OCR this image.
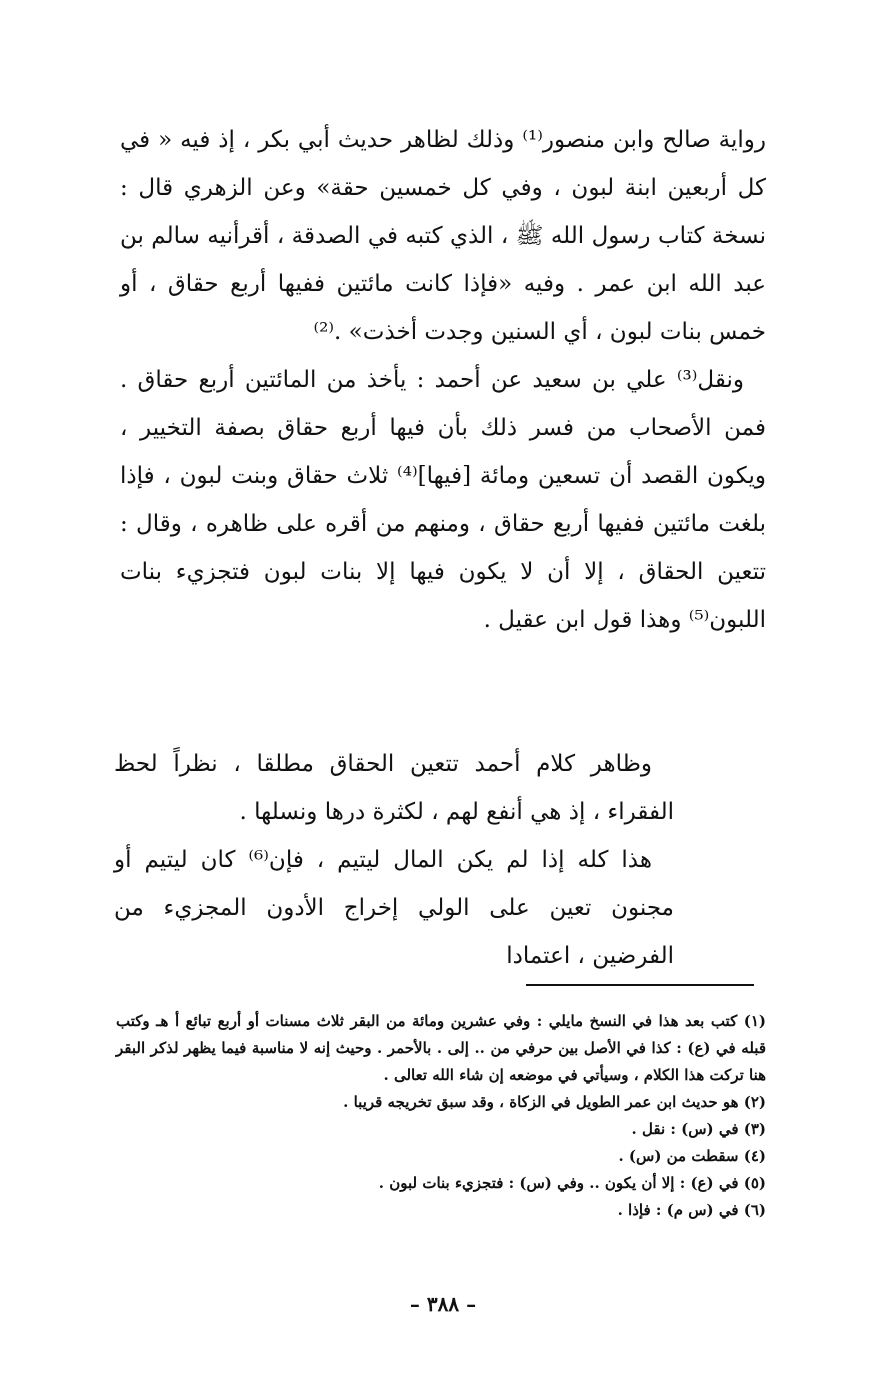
رواية صالح وابن منصور⁽¹⁾ وذلك لظاهر حديث أبي بكر ، إذ فيه « في كل أربعين ابنة لبون ، وفي كل خمسين حقة» وعن الزهري قال : نسخة كتاب رسول الله ﷺ ، الذي كتبه في الصدقة ، أقرأنيه سالم بن عبد الله ابن عمر . وفيه «فإذا كانت مائتين ففيها أربع حقاق ، أو خمس بنات لبون ، أي السنين وجدت أخذت» .⁽²⁾

ونقل⁽³⁾ علي بن سعيد عن أحمد : يأخذ من المائتين أربع حقاق . فمن الأصحاب من فسر ذلك بأن فيها أربع حقاق بصفة التخيير ، ويكون القصد أن تسعين ومائة [فيها]⁽⁴⁾ ثلاث حقاق وبنت لبون ، فإذا بلغت مائتين ففيها أربع حقاق ، ومنهم من أقره على ظاهره ، وقال : تتعين الحقاق ، إلا أن لا يكون فيها إلا بنات لبون فتجزيء بنات اللبون⁽⁵⁾ وهذا قول ابن عقيل .

وظاهر كلام أحمد تتعين الحقاق مطلقا ، نظراً لحظ الفقراء ، إذ هي أنفع لهم ، لكثرة درها ونسلها .

هذا كله إذا لم يكن المال ليتيم ، فإن⁽⁶⁾ كان ليتيم أو مجنون تعين على الولي إخراج الأدون المجزيء من الفرضين ، اعتمادا

(١) كتب بعد هذا في النسخ مايلي : وفي عشرين ومائة من البقر ثلاث مسنات أو أربع تبائع أ هـ وكتب قبله في (ع) : كذا في الأصل بين حرفي من .. إلى . بالأحمر . وحيث إنه لا مناسبة فيما يظهر لذكر البقر هنا تركت هذا الكلام ، وسيأتي في موضعه إن شاء الله تعالى .

(٢) هو حديث ابن عمر الطويل في الزكاة ، وقد سبق تخريجه قريبا .

(٣) في (س) : نقل .

(٤) سقطت من (س) .

(٥) في (ع) : إلا أن يكون .. وفي (س) : فتجزيء بنات لبون .

(٦) في (س م) : فإذا .

– ٣٨٨ –
